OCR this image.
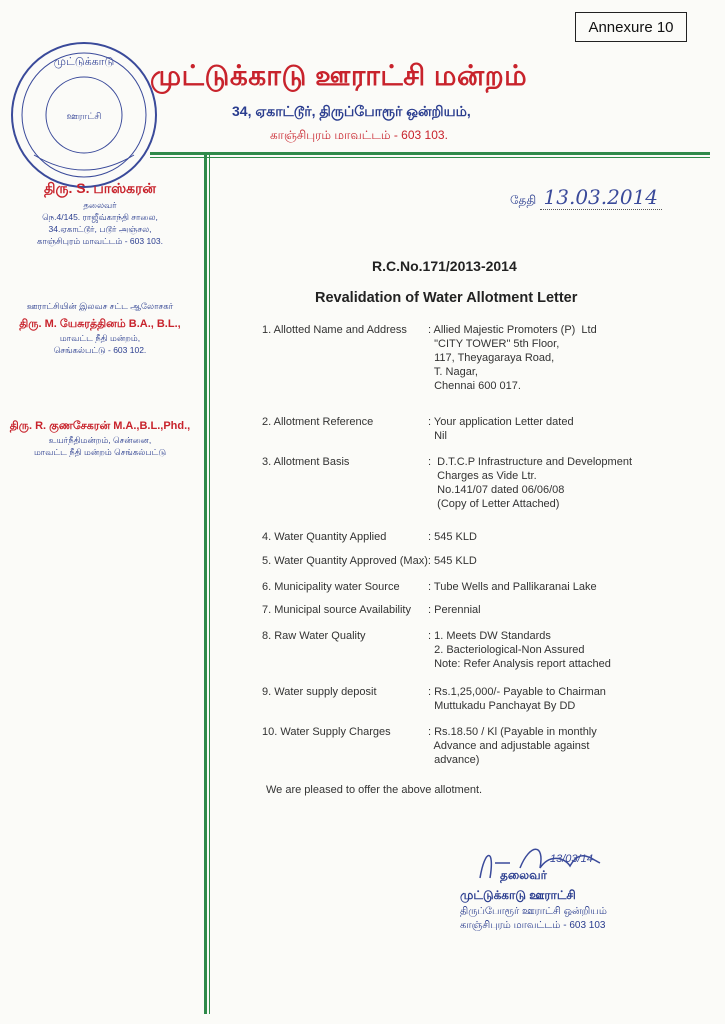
Annexure 10
முட்டுக்காடு
ஊராட்சி
முட்டுக்காடு ஊராட்சி மன்றம்
34, ஏகாட்டூர், திருப்போரூர் ஒன்றியம்,
காஞ்சிபுரம் மாவட்டம் - 603 103.
திரு. S. பாஸ்கரன்
தலைவர்
நெ.4/145. ராஜீவ்காந்தி சாலை,
34.ஏகாட்டூர், படூர் அஞ்சல,
காஞ்சிபுரம் மாவட்டம் - 603 103.
ஊராட்சியின் இலவச சட்ட ஆலோசகர்
திரு. M. யேசுரத்தினம் B.A., B.L.,
மாவட்ட நீதி மன்றம்,
செங்கல்பட்டு - 603 102.
திரு. R. குணசேகரன் M.A.,B.L.,Phd.,
உயர்நீதிமன்றம், சென்னை,
மாவட்ட நீதி மன்றம் செங்கல்பட்டு
தேதி 13.03.2014
R.C.No.171/2013-2014
Revalidation of Water Allotment Letter
1. Allotted Name and Address : Allied Majestic Promoters (P)  Ltd
"CITY TOWER" 5th Floor,
117, Theyagaraya Road,
T. Nagar,
Chennai 600 017.
2. Allotment Reference	: Your application Letter dated
Nil
3. Allotment Basis	:  D.T.C.P Infrastructure and Development
Charges as Vide Ltr.
No.141/07 dated 06/06/08
(Copy of Letter Attached)
4. Water Quantity Applied	: 545 KLD
5. Water Quantity Approved (Max): 545 KLD
6. Municipality water Source	: Tube Wells and Pallikaranai Lake
7. Municipal source Availability : Perennial
8. Raw Water Quality	: 1. Meets DW Standards
2. Bacteriological-Non Assured
Note: Refer Analysis report attached
9. Water supply deposit	: Rs.1,25,000/- Payable to Chairman
Muttukadu Panchayat By DD
10. Water Supply Charges	: Rs.18.50 / Kl (Payable in monthly
Advance and adjustable against
advance)
We are pleased to offer the above allotment.
13/03/14
தலைவர்
முட்டுக்காடு ஊராட்சி
திருப்போரூர் ஊராட்சி ஒன்றியம்
காஞ்சிபுரம் மாவட்டம் - 603 103
